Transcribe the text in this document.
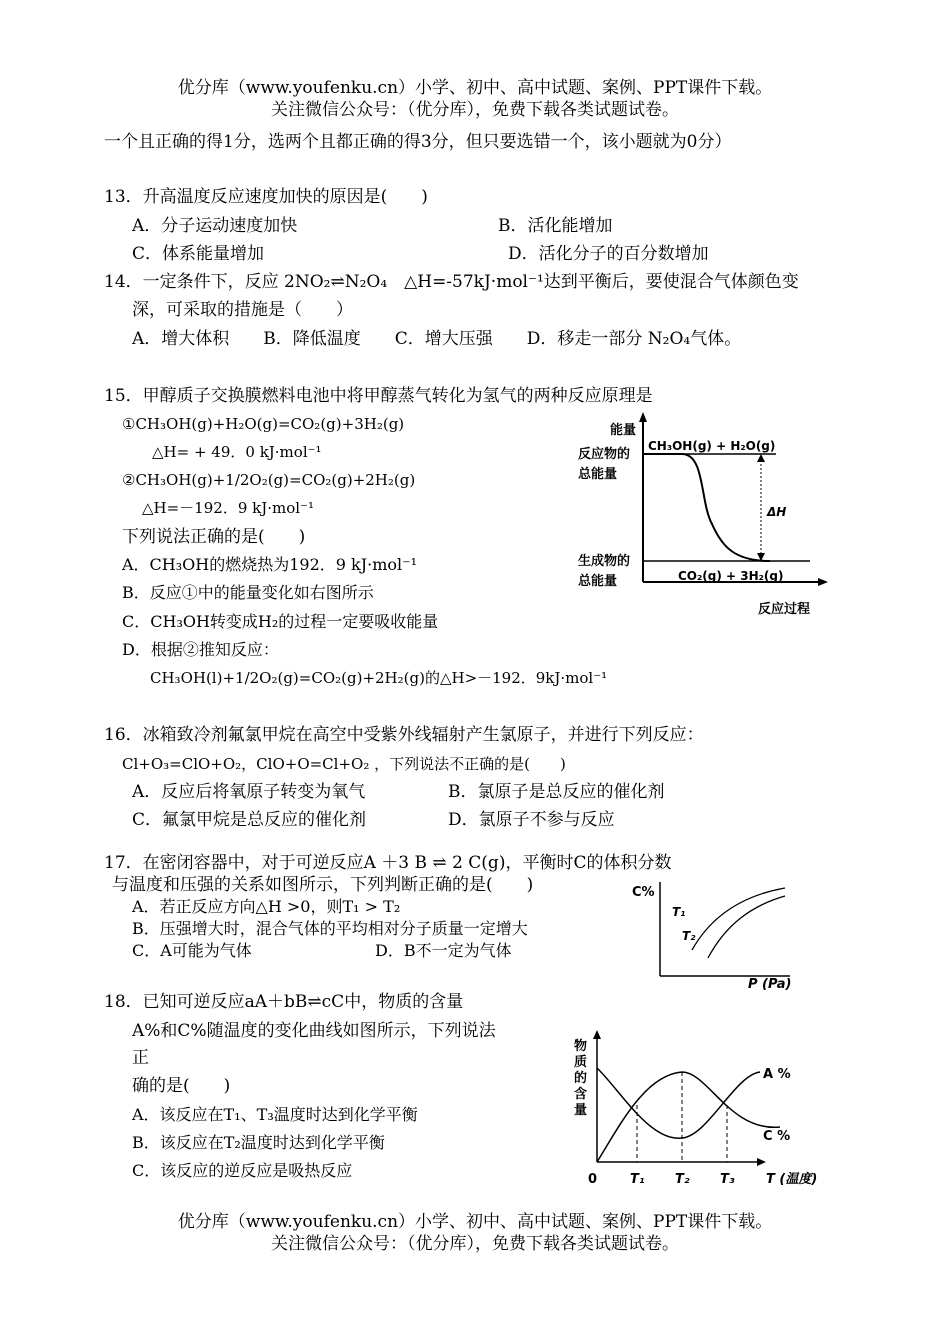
优分库（www.youfenku.cn）小学、初中、高中试题、案例、PPT课件下载。
关注微信公众号：（优分库），免费下载各类试题试卷。
一个且正确的得1分，选两个且都正确的得3分，但只要选错一个，该小题就为0分）
13．升高温度反应速度加快的原因是(　　)
A．分子运动速度加快	B．活化能增加
C．体系能量增加	D．活化分子的百分数增加
14．一定条件下，反应 2NO₂⇌N₂O₄　△H=-57kJ·mol⁻¹达到平衡后，要使混合气体颜色变
深，可采取的措施是（　　）
A．增大体积　　B．降低温度　　C．增大压强　　D．移走一部分 N₂O₄气体。
15．甲醇质子交换膜燃料电池中将甲醇蒸气转化为氢气的两种反应原理是
①CH₃OH(g)+H₂O(g)=CO₂(g)+3H₂(g)
△H= + 49．0 kJ·mol⁻¹
②CH₃OH(g)+1/2O₂(g)=CO₂(g)+2H₂(g)
△H=－192．9 kJ·mol⁻¹
下列说法正确的是(　　)
A．CH₃OH的燃烧热为192．9 kJ·mol⁻¹
B．反应①中的能量变化如右图所示
C．CH₃OH转变成H₂的过程一定要吸收能量
D．根据②推知反应：
CH₃OH(l)+1/2O₂(g)=CO₂(g)+2H₂(g)的△H>－192．9kJ·mol⁻¹
能量
反应物的
总能量
CH₃OH(g) + H₂O(g)
ΔH
生成物的
总能量	CO₂(g) + 3H₂(g)
反应过程
16．冰箱致冷剂氟氯甲烷在高空中受紫外线辐射产生氯原子，并进行下列反应：
Cl+O₃=ClO+O₂，ClO+O=Cl+O₂ ，下列说法不正确的是(　　)
A．反应后将氧原子转变为氧气	B．氯原子是总反应的催化剂
C．氟氯甲烷是总反应的催化剂	D．氯原子不参与反应
17．在密闭容器中，对于可逆反应A ＋3 B ⇌ 2 C(g)，平衡时C的体积分数
与温度和压强的关系如图所示，下列判断正确的是(　　)
A．若正反应方向△H >0，则T₁ > T₂
B．压强增大时，混合气体的平均相对分子质量一定增大
C．A可能为气体	D．B不一定为气体
C%
T₁
T₂
P (Pa)
18．已知可逆反应aA＋bB⇌cC中，物质的含量
A%和C%随温度的变化曲线如图所示，下列说法
正
确的是(　　)
A．该反应在T₁、T₃温度时达到化学平衡
B．该反应在T₂温度时达到化学平衡
C．该反应的逆反应是吸热反应
物
质
的
含
量
A %
C %
0	T₁ T₂ T₃ T (温度)
优分库（www.youfenku.cn）小学、初中、高中试题、案例、PPT课件下载。
关注微信公众号：（优分库），免费下载各类试题试卷。
